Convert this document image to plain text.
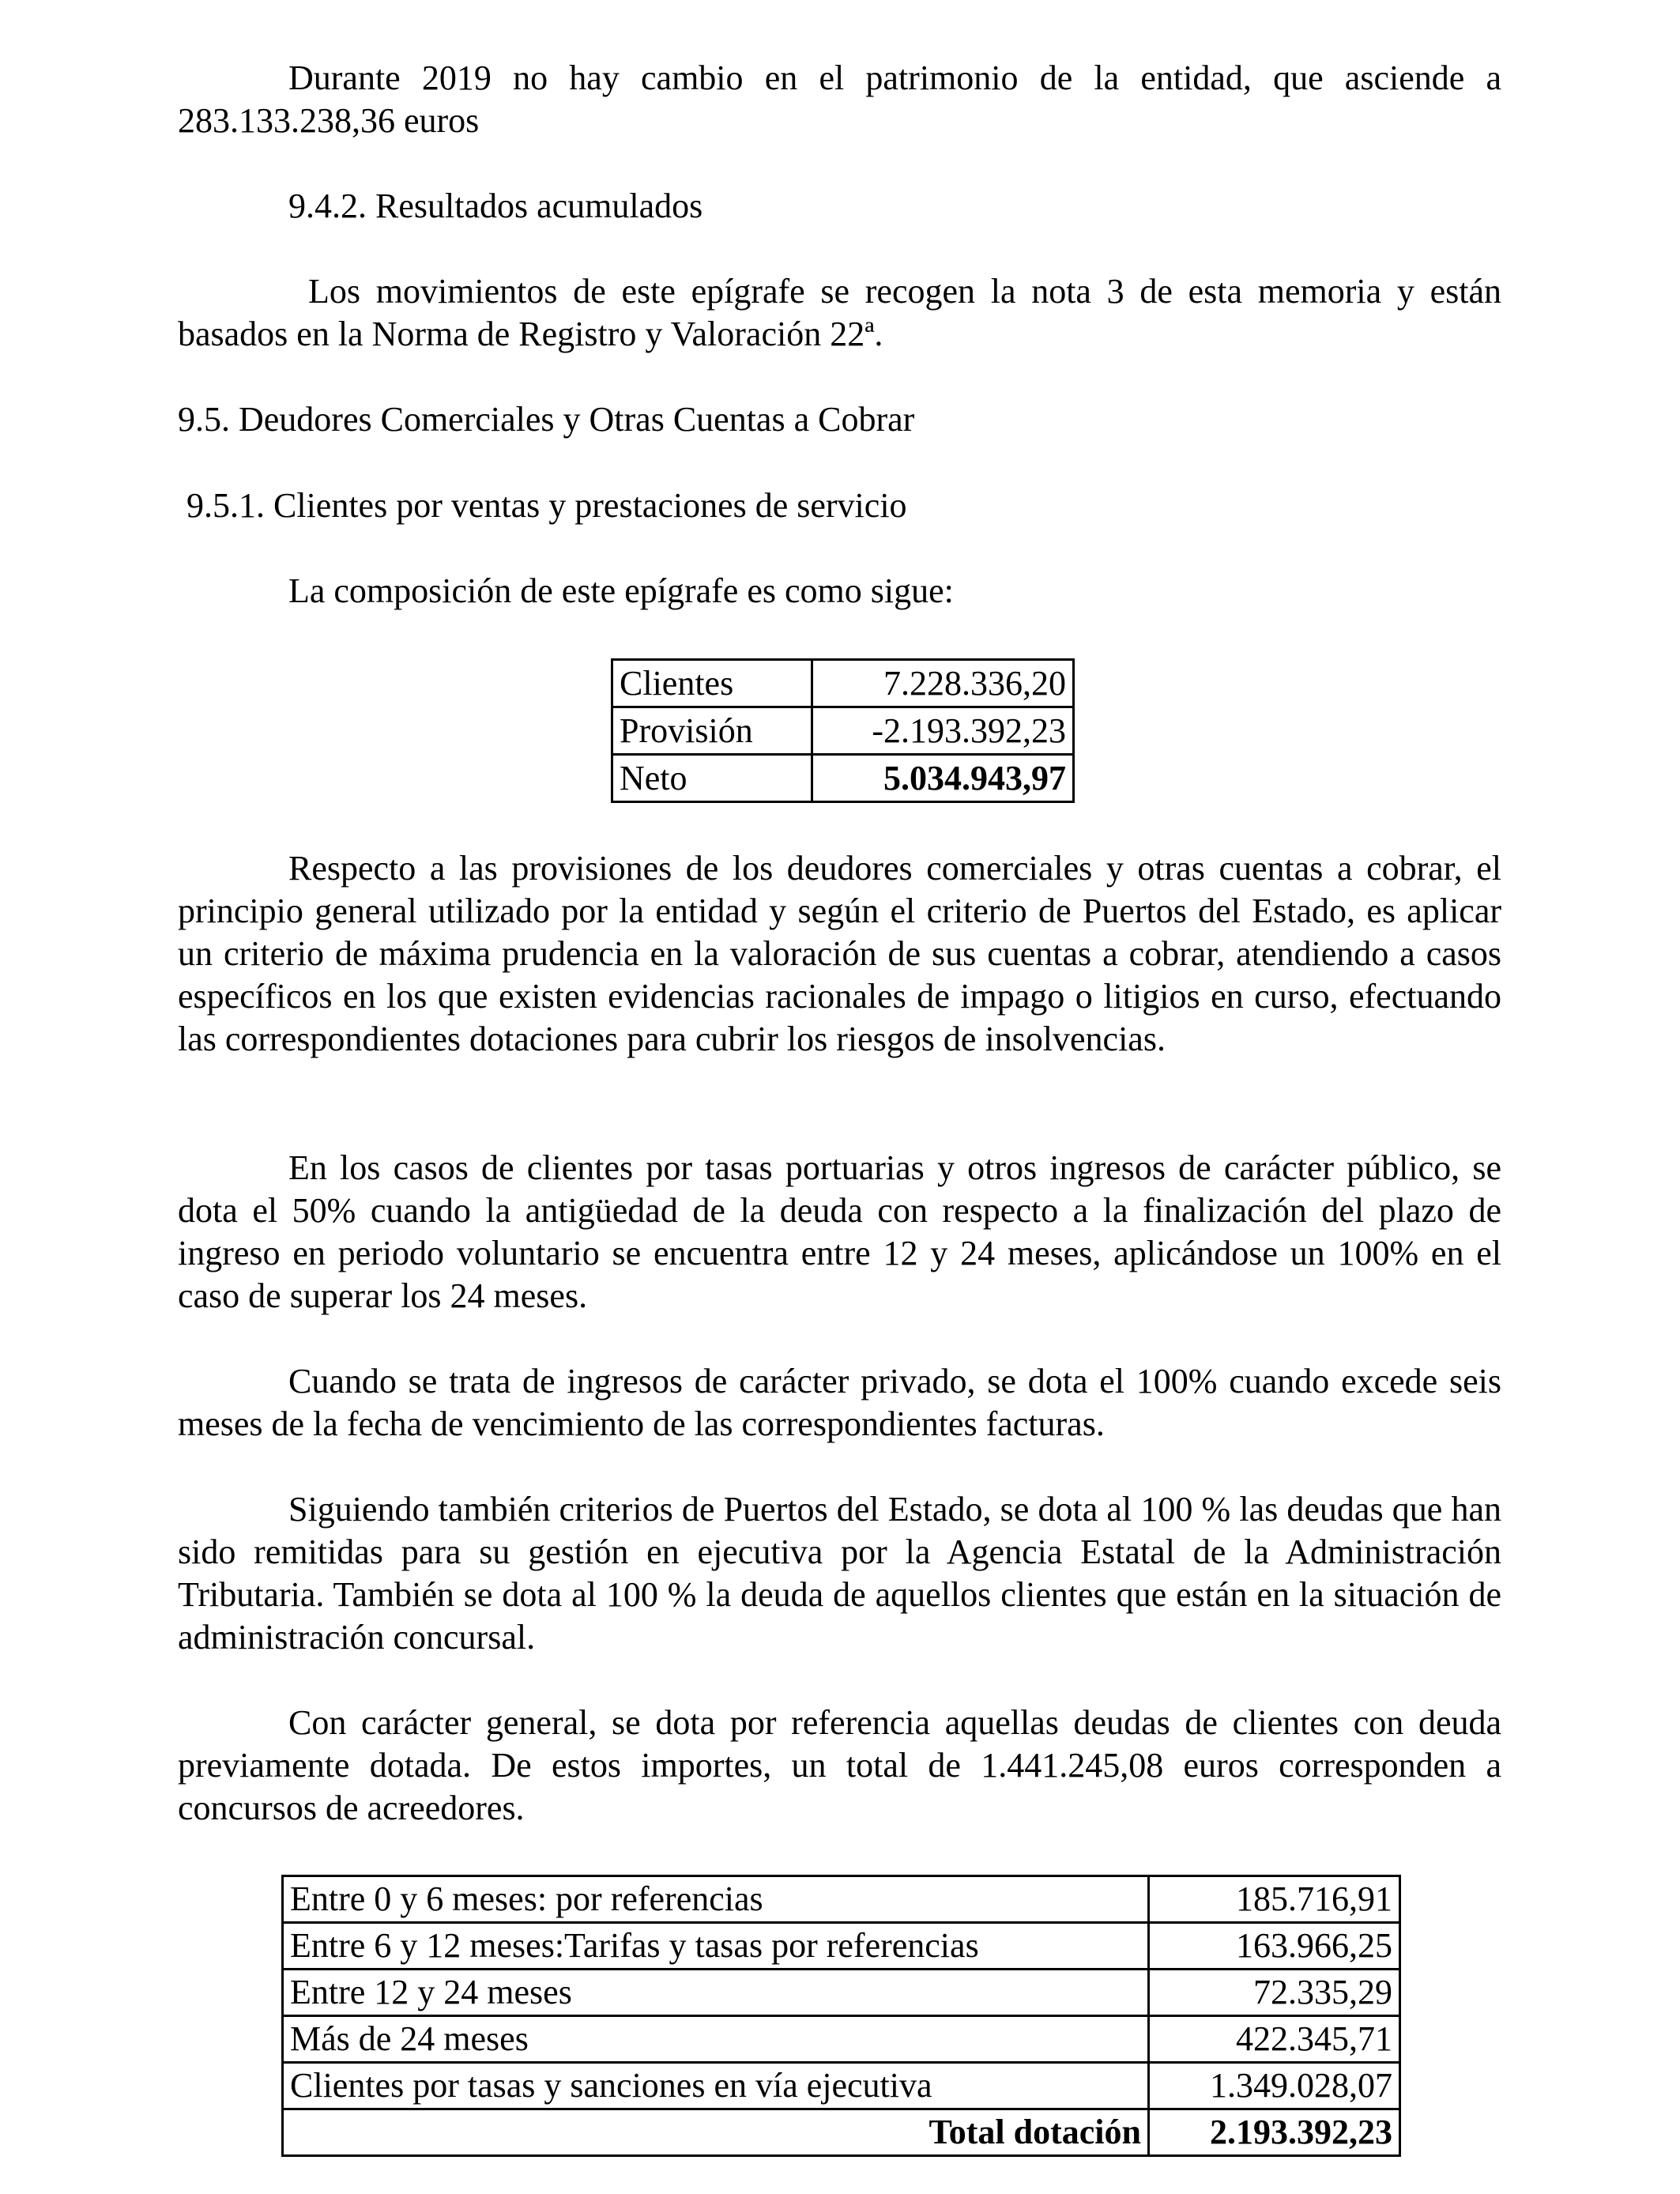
Durante 2019 no hay cambio en el patrimonio de la entidad, que asciende a 283.133.238,36 euros

9.4.2. Resultados acumulados

Los movimientos de este epígrafe se recogen la nota 3 de esta memoria y están basados en la Norma de Registro y Valoración 22ª.

9.5. Deudores Comerciales y Otras Cuentas a Cobrar

9.5.1. Clientes por ventas y prestaciones de servicio

La composición de este epígrafe es como sigue:

Clientes	7.228.336,20
Provisión	-2.193.392,23
Neto	5.034.943,97

Respecto a las provisiones de los deudores comerciales y otras cuentas a cobrar, el principio general utilizado por la entidad y según el criterio de Puertos del Estado, es aplicar un criterio de máxima prudencia en la valoración de sus cuentas a cobrar, atendiendo a casos específicos en los que existen evidencias racionales de impago o litigios en curso, efectuando las correspondientes dotaciones para cubrir los riesgos de insolvencias.

En los casos de clientes por tasas portuarias y otros ingresos de carácter público, se dota el 50% cuando la antigüedad de la deuda con respecto a la finalización del plazo de ingreso en periodo voluntario se encuentra entre 12 y 24 meses, aplicándose un 100% en el caso de superar los 24 meses.

Cuando se trata de ingresos de carácter privado, se dota el 100% cuando excede seis meses de la fecha de vencimiento de las correspondientes facturas.

Siguiendo también criterios de Puertos del Estado, se dota al 100 % las deudas que han sido remitidas para su gestión en ejecutiva por la Agencia Estatal de la Administración Tributaria. También se dota al 100 % la deuda de aquellos clientes que están en la situación de administración concursal.

Con carácter general, se dota por referencia aquellas deudas de clientes con deuda previamente dotada. De estos importes, un total de 1.441.245,08 euros corresponden a concursos de acreedores.

Entre 0 y 6 meses: por referencias	185.716,91
Entre 6 y 12 meses:Tarifas y tasas por referencias	163.966,25
Entre 12 y 24 meses	72.335,29
Más de 24 meses	422.345,71
Clientes por tasas y sanciones en vía ejecutiva	1.349.028,07
Total dotación	2.193.392,23
